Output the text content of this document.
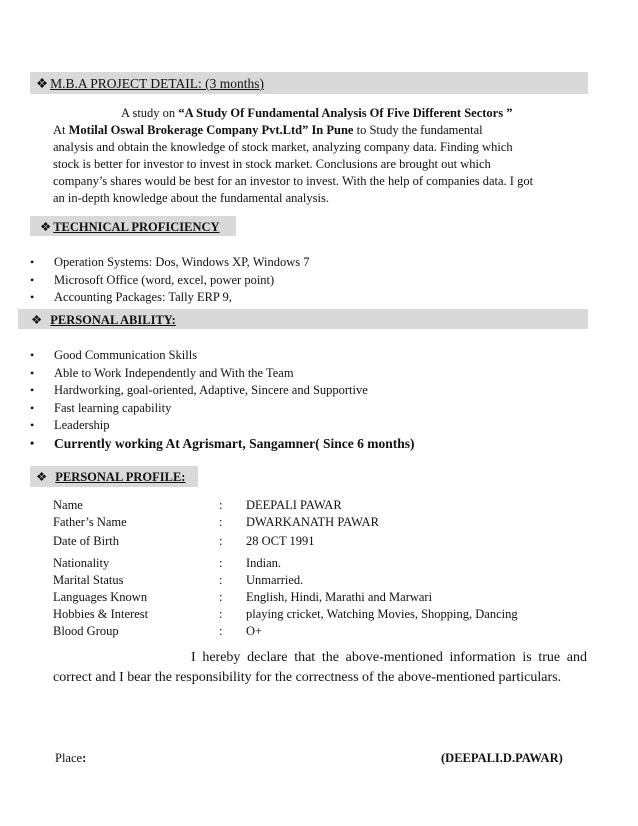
❖ M.B.A PROJECT DETAIL: (3 months)
A study on “A Study Of Fundamental Analysis Of Five Different Sectors ”
At Motilal Oswal Brokerage Company Pvt.Ltd” In Pune to Study the fundamental
analysis and obtain the knowledge of stock market, analyzing company data. Finding which
stock is better for investor to invest in stock market. Conclusions are brought out which
company’s shares would be best for an investor to invest. With the help of companies data. I got
an in-depth knowledge about the fundamental analysis.
❖ TECHNICAL PROFICIENCY
• Operation Systems: Dos, Windows XP, Windows 7
• Microsoft Office (word, excel, power point)
• Accounting Packages: Tally ERP 9,
❖ PERSONAL ABILITY:
• Good Communication Skills
• Able to Work Independently and With the Team
• Hardworking, goal-oriented, Adaptive, Sincere and Supportive
• Fast learning capability
• Leadership
• Currently working At Agrismart, Sangamner( Since 6 months)
❖ PERSONAL PROFILE:
Name	: DEEPALI PAWAR
Father’s Name	: DWARKANATH PAWAR
Date of Birth	: 28 OCT 1991
Nationality	: Indian.
Marital Status	: Unmarried.
Languages Known	: English, Hindi, Marathi and Marwari
Hobbies & Interest	: playing cricket, Watching Movies, Shopping, Dancing
Blood Group	: O+
I hereby declare that the above-mentioned information is true and correct and I bear the responsibility for the correctness of the above-mentioned particulars.
Place:	(DEEPALI.D.PAWAR)
